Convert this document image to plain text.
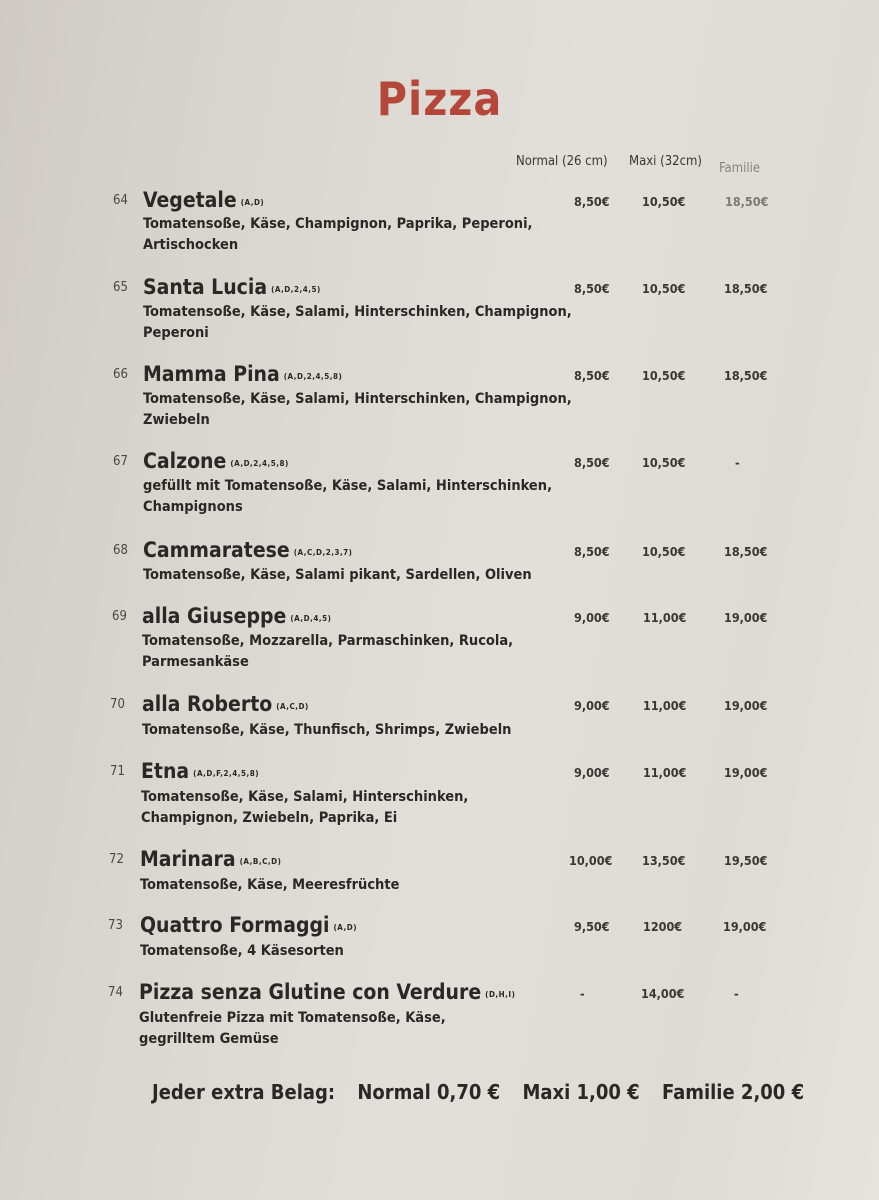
Pizza
Normal (26 cm) Maxi (32cm) Familie
64 Vegetale (A,D)
Tomatensoße, Käse, Champignon, Paprika, Peperoni,
Artischocken
8,50€	10,50€	18,50€
65 Santa Lucia (A,D,2,4,5)
Tomatensoße, Käse, Salami, Hinterschinken, Champignon,
Peperoni
8,50€	10,50€	18,50€
66 Mamma Pina (A,D,2,4,5,8)
Tomatensoße, Käse, Salami, Hinterschinken, Champignon,
Zwiebeln
8,50€	10,50€	18,50€
67 Calzone (A,D,2,4,5,8)
gefüllt mit Tomatensoße, Käse, Salami, Hinterschinken,
Champignons
8,50€	10,50€	-
68 Cammaratese (A,C,D,2,3,7)
Tomatensoße, Käse, Salami pikant, Sardellen, Oliven
8,50€	10,50€	18,50€
69 alla Giuseppe (A,D,4,5)
Tomatensoße, Mozzarella, Parmaschinken, Rucola,
Parmesankäse
9,00€	11,00€	19,00€
70 alla Roberto (A,C,D)
Tomatensoße, Käse, Thunfisch, Shrimps, Zwiebeln
9,00€	11,00€	19,00€
71 Etna (A,D,F,2,4,5,8)
Tomatensoße, Käse, Salami, Hinterschinken,
Champignon, Zwiebeln, Paprika, Ei
9,00€	11,00€	19,00€
72 Marinara (A,B,C,D)
Tomatensoße, Käse, Meeresfrüchte
10,00€ 13,50€	19,50€
73 Quattro Formaggi (A,D)
Tomatensoße, 4 Käsesorten
9,50€	1200€	19,00€
74 Pizza senza Glutine con Verdure (D,H,I)
Glutenfreie Pizza mit Tomatensoße, Käse,
gegrilltem Gemüse
-	14,00€	-
Jeder extra Belag: Normal 0,70 € Maxi 1,00 € Familie 2,00 €
